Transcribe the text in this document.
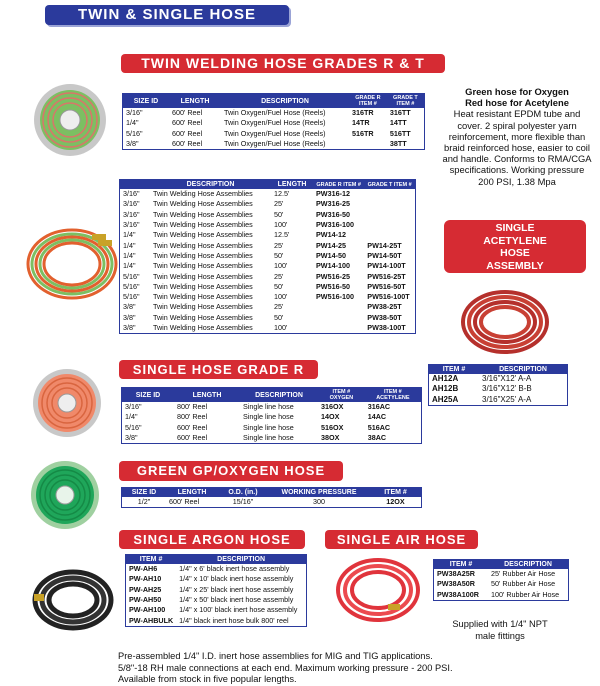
TWIN & SINGLE HOSE
TWIN WELDING HOSE GRADES R & T
SIZE ID	LENGTH	DESCRIPTION	GRADE R ITEM #	GRADE T ITEM #
3/16"	600' Reel	Twin Oxygen/Fuel Hose (Reels)	316TR	316TT
1/4"	600' Reel	Twin Oxygen/Fuel Hose (Reels)	14TR	14TT
5/16"	600' Reel	Twin Oxygen/Fuel Hose (Reels)	516TR	516TT
3/8"	600' Reel	Twin Oxygen/Fuel Hose (Reels)		38TT
Green hose for Oxygen
Red hose for Acetylene
Heat resistant EPDM tube and cover. 2 spiral polyester yarn reinforcement, more flexible than braid reinforced hose, easier to coil and handle. Conforms to RMA/CGA specifications. Working pressure 200 PSI, 1.38 Mpa
	DESCRIPTION	LENGTH	GRADE R ITEM #	GRADE T ITEM #
3/16"	Twin Welding Hose Assemblies	12.5'	PW316-12	
3/16"	Twin Welding Hose Assemblies	25'	PW316-25	
3/16"	Twin Welding Hose Assemblies	50'	PW316-50	
3/16"	Twin Welding Hose Assemblies	100'	PW316-100	
1/4"	Twin Welding Hose Assemblies	12.5'	PW14-12	
1/4"	Twin Welding Hose Assemblies	25'	PW14-25	PW14-25T
1/4"	Twin Welding Hose Assemblies	50'	PW14-50	PW14-50T
1/4"	Twin Welding Hose Assemblies	100'	PW14-100	PW14-100T
5/16"	Twin Welding Hose Assemblies	25'	PW516-25	PW516-25T
5/16"	Twin Welding Hose Assemblies	50'	PW516-50	PW516-50T
5/16"	Twin Welding Hose Assemblies	100'	PW516-100	PW516-100T
3/8"	Twin Welding Hose Assemblies	25'		PW38-25T
3/8"	Twin Welding Hose Assemblies	50'		PW38-50T
3/8"	Twin Welding Hose Assemblies	100'		PW38-100T
SINGLE
ACETYLENE
HOSE
ASSEMBLY
ITEM #	DESCRIPTION
AH12A	3/16"X12' A-A
AH12B	3/16"X12' B-B
AH25A	3/16"X25' A-A
SINGLE HOSE GRADE R
SIZE ID	LENGTH	DESCRIPTION	ITEM # OXYGEN	ITEM # ACETYLENE
3/16"	800' Reel	Single line hose	316OX	316AC
1/4"	800' Reel	Single line hose	14OX	14AC
5/16"	600' Reel	Single line hose	516OX	516AC
3/8"	600' Reel	Single line hose	38OX	38AC
GREEN GP/OXYGEN HOSE
SIZE ID	LENGTH	O.D. (in.)	WORKING PRESSURE	ITEM #
1/2"	600' Reel	15/16"	300	12OX
SINGLE ARGON HOSE
ITEM #	DESCRIPTION
PW-AH6	1/4" x 6' black inert hose assembly
PW-AH10	1/4" x 10' black inert hose assembly
PW-AH25	1/4" x 25' black inert hose assembly
PW-AH50	1/4" x 50' black inert hose assembly
PW-AH100	1/4" x 100' black inert hose assembly
PW-AHBULK	1/4" black inert hose bulk 800' reel
SINGLE AIR HOSE
ITEM #	DESCRIPTION
PW38A25R	25' Rubber Air Hose
PW38A50R	50' Rubber Air Hose
PW38A100R	100' Rubber Air Hose
Supplied with 1/4" NPT
male fittings
Pre-assembled 1/4" I.D. inert hose assemblies for MIG and TIG applications.
5/8"-18 RH male connections at each end. Maximum working pressure - 200 PSI.
Available from stock in five popular lengths.
